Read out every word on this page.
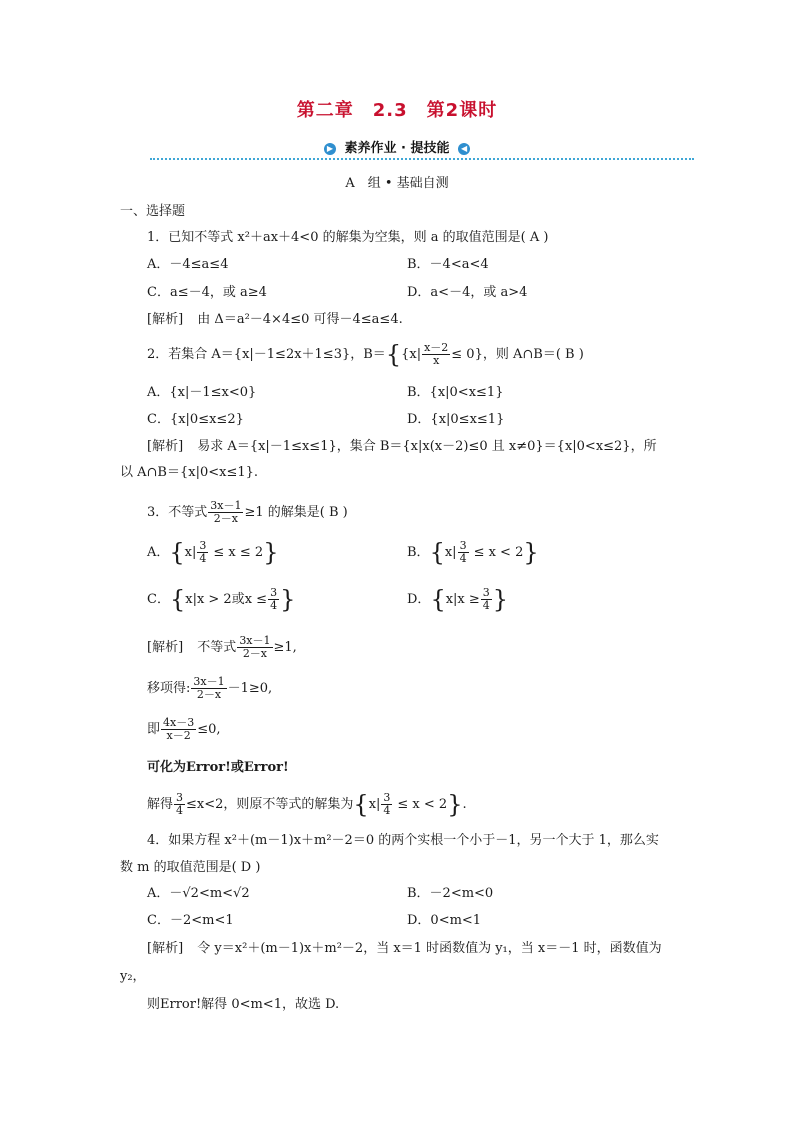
第二章　2.3　第2课时
▶ 素养作业 · 提技能 ◀
A　组 • 基础自测
一、选择题
1．已知不等式 x²＋ax＋4<0 的解集为空集，则 a 的取值范围是( A )
A．－4≤a≤4	B．－4<a<4
C．a≤－4，或 a≥4	D．a<－4，或 a>4
[解析] 由 Δ＝a²－4×4≤0 可得－4≤a≤4.
2．若集合 A＝{x|－1≤2x＋1≤3}，$B=\{\{x| \frac{x-2}{x} \le 0\}$，则 A∩B＝( B )
A．{x|－1≤x<0}	B．{x|0<x≤1}
C．{x|0≤x≤2}	D．{x|0≤x≤1}
[解析] 易求 A＝{x|－1≤x≤1}，集合 B＝{x|x(x－2)≤0 且 x≠0}＝{x|0<x≤2}，所
以 A∩B＝{x|0<x≤1}.
3．不等式 $\frac{3x-1}{2-x} \ge 1$ 的解集是( B )
A．$\{x| \frac{3}{4} \le x \le 2\}$	B．$\{x| \frac{3}{4} \le x < 2\}$
C．{x|x > 2或$x \le \frac{3}{4}$ }	D．{$x|x \ge \frac{3}{4}$ }
[解析] 不等式 $\frac{3x-1}{2-x} \ge 1$,
移项得: $\frac{3x-1}{2-x} -1\ge 0$,
即 $\frac{4x-3}{x-2} \le 0$,
可化为Error!或Error!
解得 $\frac{3}{4} \le x<2$，则原不等式的解集为$\{x| \frac{3}{4} \le x < 2\}$.
4．如果方程 x²＋(m－1)x＋m²－2＝0 的两个实根一个小于－1，另一个大于 1，那么实
数 m 的取值范围是( D )
A．－√2<m<√2	B．－2<m<0
C．－2<m<1	D．0<m<1
[解析] 令 y＝x²＋(m－1)x＋m²－2，当 x＝1 时函数值为 y₁，当 x＝－1 时，函数值为
y₂，
则Error!解得 0<m<1，故选 D.
